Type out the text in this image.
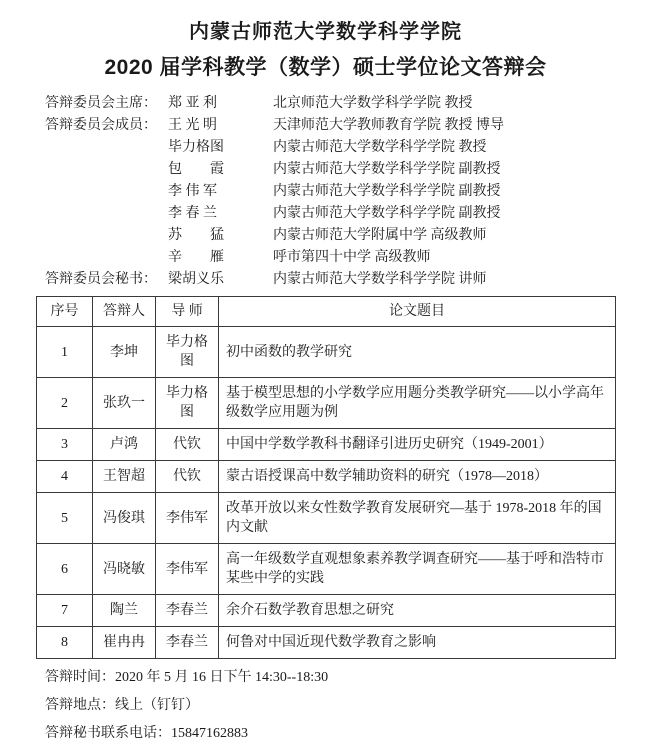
内蒙古师范大学数学科学学院
2020 届学科教学（数学）硕士学位论文答辩会
答辩委员会主席： 郑 亚 利	北京师范大学数学科学学院 教授
答辩委员会成员： 王 光 明	天津师范大学教师教育学院 教授 博导
毕力格图	内蒙古师范大学数学科学学院 教授
包　　霞	内蒙古师范大学数学科学学院 副教授
李 伟 军	内蒙古师范大学数学科学学院 副教授
李 春 兰	内蒙古师范大学数学科学学院 副教授
苏　　猛	内蒙古师范大学附属中学 高级教师
辛　　雁	呼市第四十中学 高级教师
答辩委员会秘书： 梁胡义乐	内蒙古师范大学数学科学学院 讲师
序号	答辩人	导 师	论文题目
1	李坤	毕力格图	初中函数的教学研究
2	张玖一	毕力格图	基于模型思想的小学数学应用题分类教学研究——以小学高年级数学应用题为例
3	卢鸿	代钦	中国中学数学教科书翻译引进历史研究（1949-2001）
4	王智超	代钦	蒙古语授课高中数学辅助资料的研究（1978—2018）
5	冯俊琪	李伟军	改革开放以来女性数学教育发展研究—基于 1978-2018 年的国内文献
6	冯晓敏	李伟军	高一年级数学直观想象素养教学调查研究——基于呼和浩特市某些中学的实践
7	陶兰	李春兰	余介石数学教育思想之研究
8	崔冉冉	李春兰	何鲁对中国近现代数学教育之影响

答辩时间：2020 年 5 月 16 日下午 14:30--18:30

答辩地点：线上（钉钉）

答辩秘书联系电话：15847162883
